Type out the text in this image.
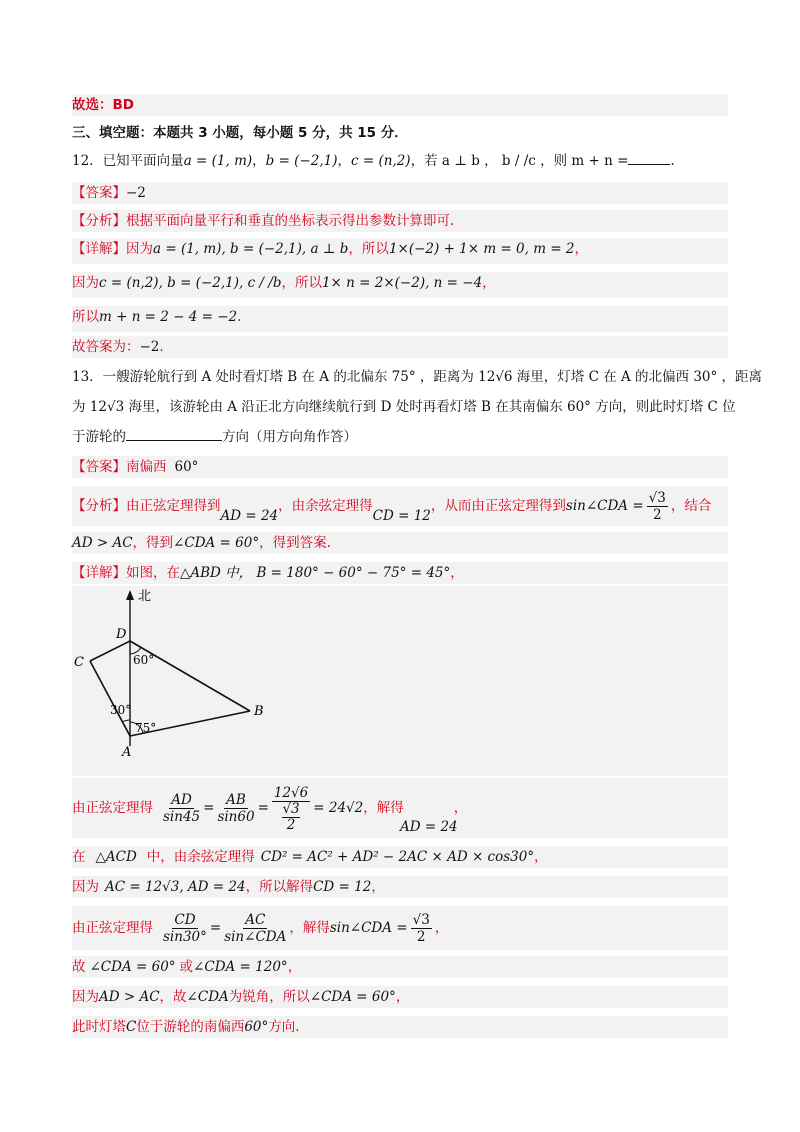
故选：BD
三、填空题：本题共 3 小题，每小题 5 分，共 15 分．
12．已知平面向量a = (1, m)，b = (−2,1)，c = (n,2)，若 a ⊥ b ， b / /c ，则 m + n =	.
【答案】−2
【分析】根据平面向量平行和垂直的坐标表示得出参数计算即可.
【详解】因为a = (1, m), b = (−2,1), a ⊥ b，所以1×(−2) + 1× m = 0, m = 2，
因为c = (n,2), b = (−2,1), c / /b，所以1× n = 2×(−2), n = −4，
所以m + n = 2 − 4 = −2.
故答案为：−2.
13．一艘游轮航行到 A 处时看灯塔 B 在 A 的北偏东 75° ，距离为 12√6 海里，灯塔 C 在 A 的北偏西 30° ，距离
为 12√3 海里，该游轮由 A 沿正北方向继续航行到 D 处时再看灯塔 B 在其南偏东 60° 方向，则此时灯塔 C 位
于游轮的	方向（用方向角作答）
【答案】南偏西 60°
【分析】由正弦定理得到AD = 24，由余弦定理得CD = 12，从而由正弦定理得到sin∠CDA = $\frac{√3}{2}$ ，结合
AD > AC，得到∠CDA = 60°，得到答案.
【详解】如图，在△ABD 中， B = 180° − 60° − 75° = 45°，
北
D
C
B
A
60°
30°
75°
由正弦定理得 $\frac{AD}{\sin 45} = \frac{AB}{\sin 60} = \frac{12√6}{\frac{√3}{2}} = 24√2$，解得	，
AD = 24
在 △ACD 中，由余弦定理得 CD² = AC² + AD² − 2AC × AD × cos30°，
因为 AC = 12√3, AD = 24，所以解得CD = 12，
由正弦定理得 $\frac{CD}{\sin 30^\circ} = \frac{AC}{\text{sin∠CDA}}$ ，解得sin∠CDA = $\frac{√3}{2}$ ，
故 ∠CDA = 60° 或∠CDA = 120°，
因为AD > AC，故∠CDA为锐角，所以∠CDA = 60°，
此时灯塔C位于游轮的南偏西60°方向.
